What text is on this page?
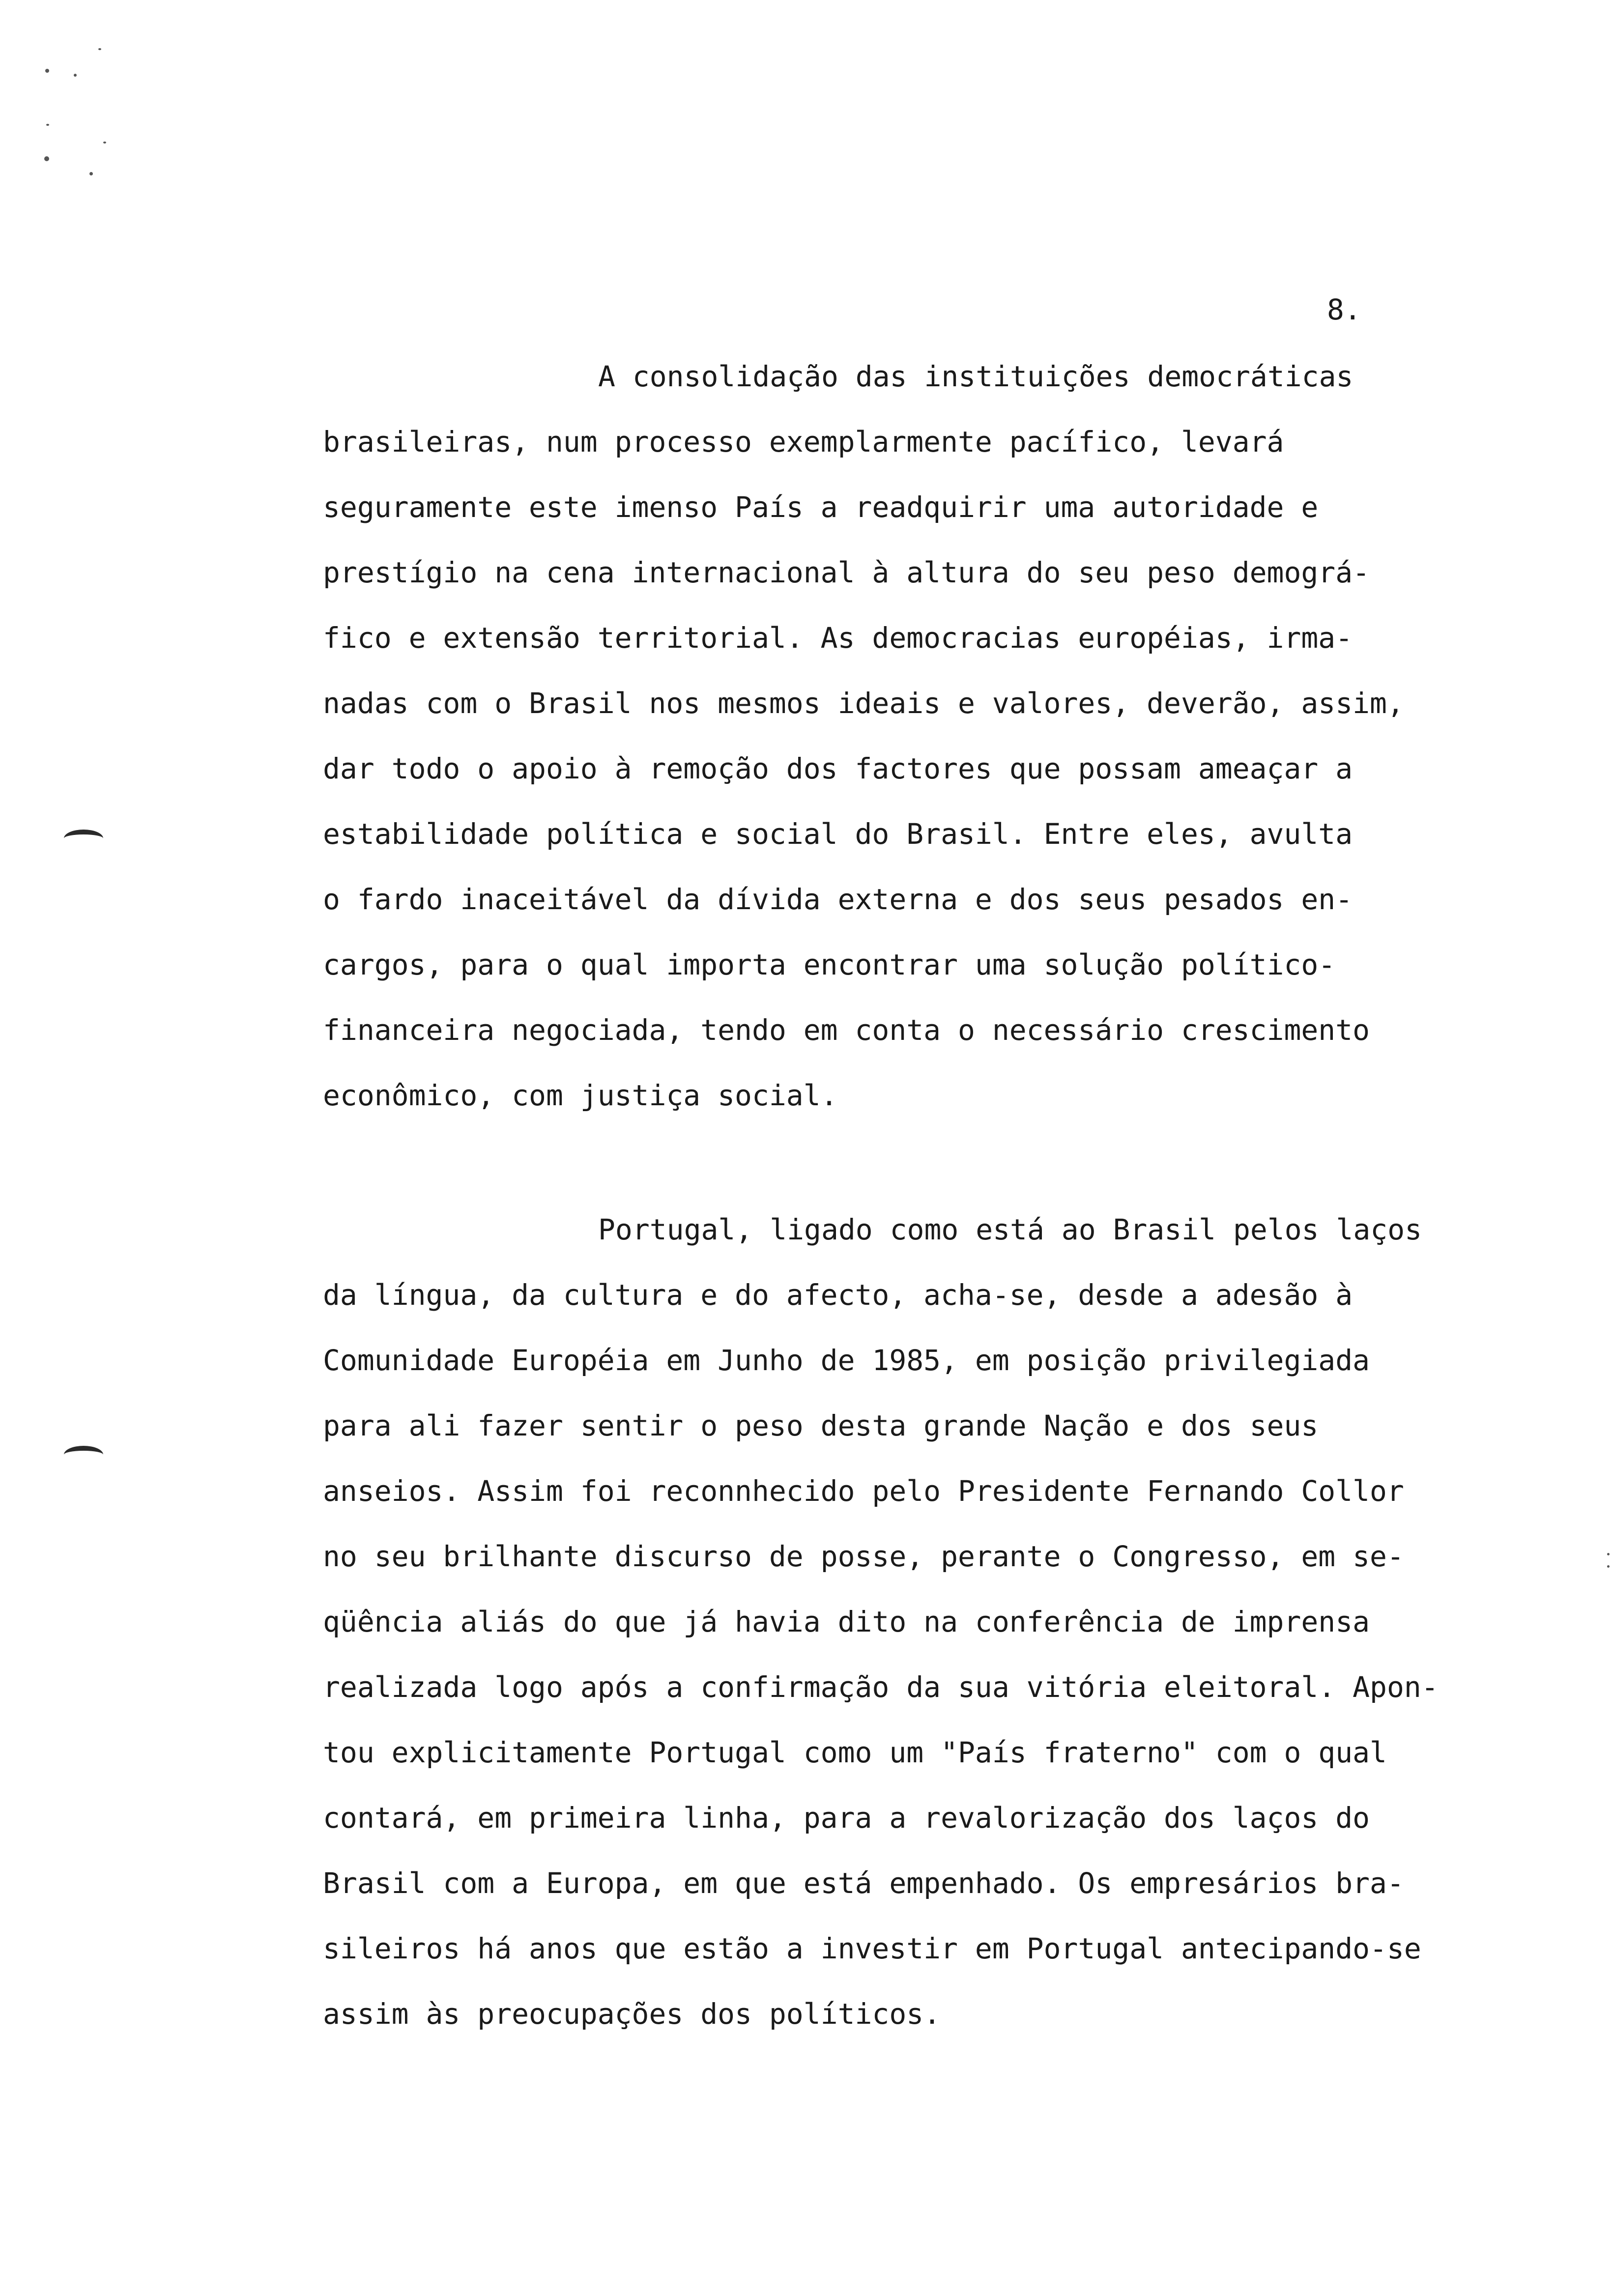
8.
A consolidação das instituições democráticas
brasileiras, num processo exemplarmente pacífico, levará
seguramente este imenso País a readquirir uma autoridade e
prestígio na cena internacional à altura do seu peso demográ-
fico e extensão territorial. As democracias européias, irma-
nadas com o Brasil nos mesmos ideais e valores, deverão, assim,
dar todo o apoio à remoção dos factores que possam ameaçar a
estabilidade política e social do Brasil. Entre eles, avulta
o fardo inaceitável da dívida externa e dos seus pesados en-
cargos, para o qual importa encontrar uma solução político-
financeira negociada, tendo em conta o necessário crescimento
econômico, com justiça social.
Portugal, ligado como está ao Brasil pelos laços
da língua, da cultura e do afecto, acha-se, desde a adesão à
Comunidade Européia em Junho de 1985, em posição privilegiada
para ali fazer sentir o peso desta grande Nação e dos seus
anseios. Assim foi reconnhecido pelo Presidente Fernando Collor
no seu brilhante discurso de posse, perante o Congresso, em se-
qüência aliás do que já havia dito na conferência de imprensa
realizada logo após a confirmação da sua vitória eleitoral. Apon-
tou explicitamente Portugal como um "País fraterno" com o qual
contará, em primeira linha, para a revalorização dos laços do
Brasil com a Europa, em que está empenhado. Os empresários bra-
sileiros há anos que estão a investir em Portugal antecipando-se
assim às preocupações dos políticos.
